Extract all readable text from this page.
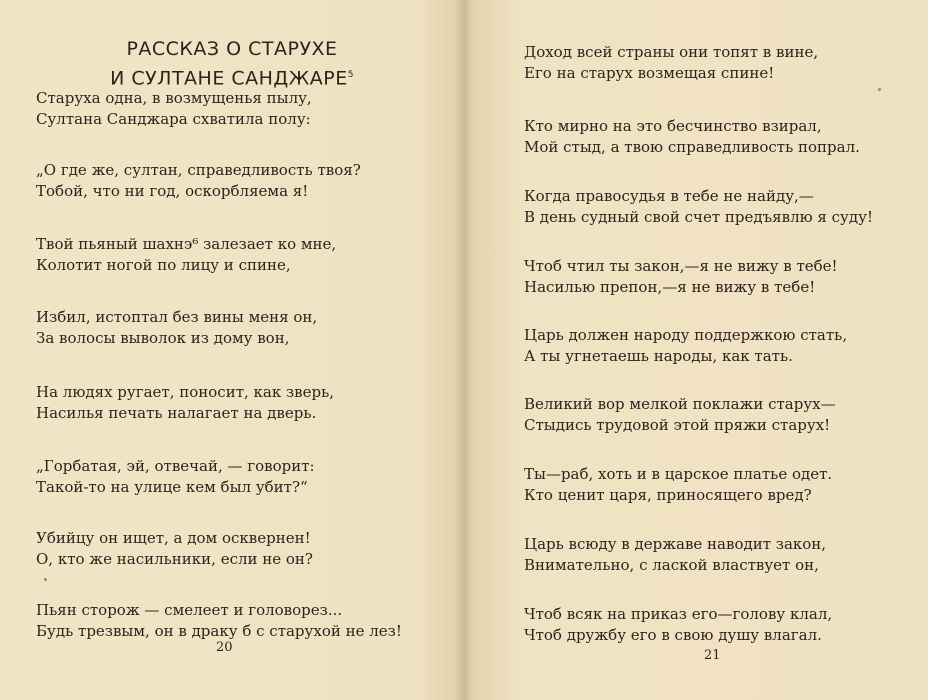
РАССКАЗ О СТАРУХЕ
И СУЛТАНЕ САНДЖАРЕ$^5$
Старуха одна, в возмущенья пылу,
Султана Санджара схватила полу:
„О где же, султан, справедливость твоя?
Тобой, что ни год, оскорбляема я!
Твой пьяный шахнэ⁶ залезает ко мне,
Колотит ногой по лицу и спине,
Избил, истоптал без вины меня он,
За волосы выволок из дому вон,
На людях ругает, поносит, как зверь,
Насилья печать налагает на дверь.
„Горбатая, эй, отвечай, — говорит:
Такой-то на улице кем был убит?“
Убийцу он ищет, а дом осквернен!
О, кто же насильники, если не он?
Пьян сторож — смелеет и головорез...
Будь трезвым, он в драку б с старухой не лез!
20
Доход всей страны они топят в вине,
Его на старух возмещая спине!
Кто мирно на это бесчинство взирал,
Мой стыд, а твою справедливость попрал.
Когда правосудья в тебе не найду,—
В день судный свой счет предъявлю я суду!
Чтоб чтил ты закон,—я не вижу в тебе!
Насилью препон,—я не вижу в тебе!
Царь должен народу поддержкою стать,
А ты угнетаешь народы, как тать.
Великий вор мелкой поклажи старух—
Стыдись трудовой этой пряжи старух!
Ты—раб, хоть и в царское платье одет.
Кто ценит царя, приносящего вред?
Царь всюду в державе наводит закон,
Внимательно, с лаской властвует он,
Чтоб всяк на приказ его—голову клал,
Чтоб дружбу его в свою душу влагал.
21
